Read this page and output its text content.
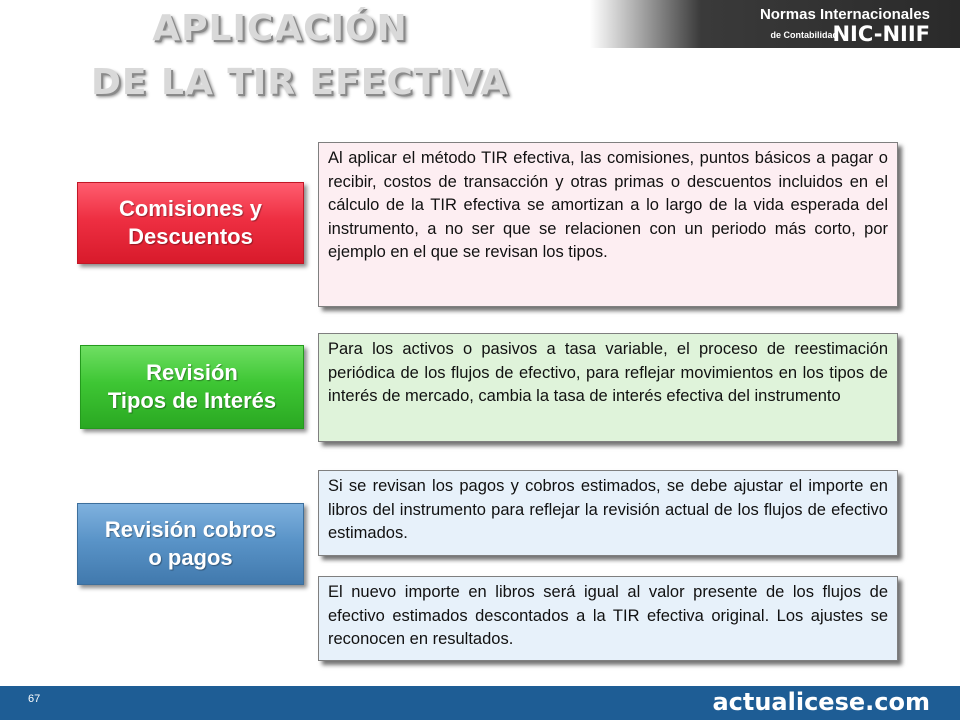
APLICACIÓN
DE LA TIR EFECTIVA
Normas Internacionales
de Contabilidad
NIC-NIIF
Comisiones y
Descuentos

Al aplicar el método TIR efectiva, las comisiones, puntos básicos a pagar o recibir, costos de transacción y otras primas o descuentos incluidos en el cálculo de la TIR efectiva se amortizan a lo largo de la vida esperada del instrumento, a no ser que se relacionen con un periodo más corto, por ejemplo en el que se revisan los tipos.

Revisión
Tipos de Interés

Para los activos o pasivos a tasa variable, el proceso de reestimación periódica de los flujos de efectivo, para reflejar movimientos en los tipos de interés de mercado, cambia la tasa de interés efectiva del instrumento

Revisión cobros
o pagos

Si se revisan los pagos y cobros estimados, se debe ajustar el importe en libros del instrumento para reflejar la revisión actual de los flujos de efectivo estimados.

El nuevo importe en libros será igual al valor presente de los flujos de efectivo estimados descontados a la TIR efectiva original. Los ajustes se reconocen en resultados.

67	actualicese.com
